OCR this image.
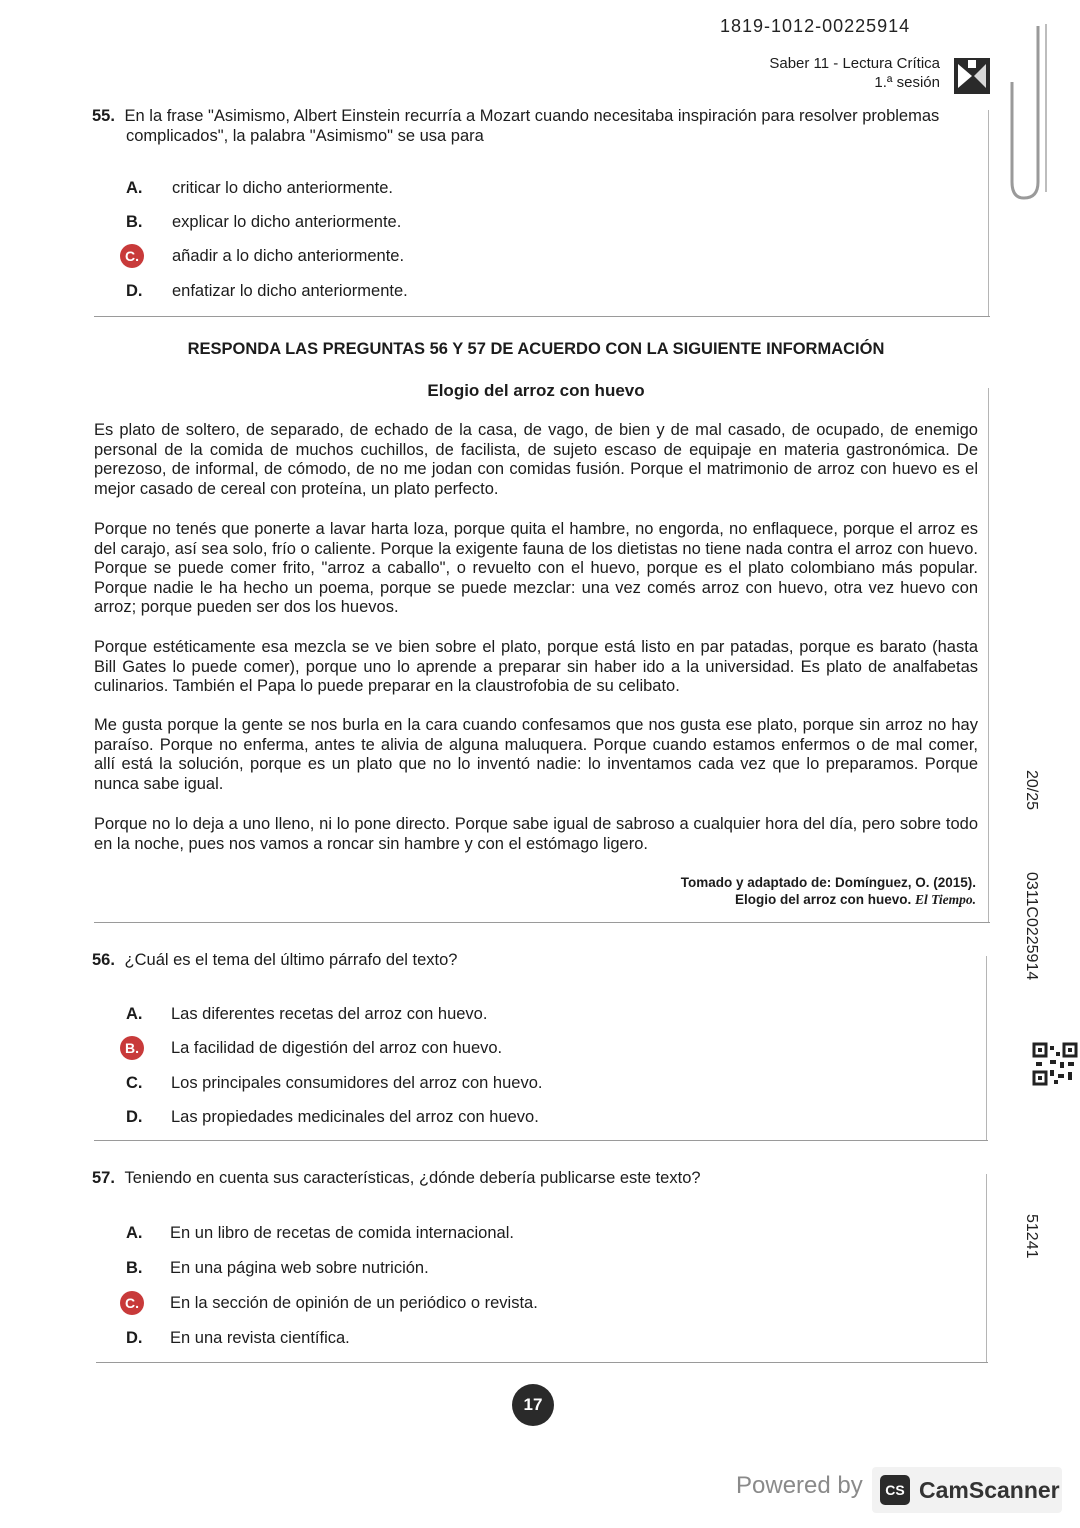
1819-1012-00225914
Saber 11 - Lectura Crítica
1.ª sesión
55. En la frase "Asimismo, Albert Einstein recurría a Mozart cuando necesitaba inspiración para resolver problemas
complicados", la palabra "Asimismo" se usa para
A.	criticar lo dicho anteriormente.
B.	explicar lo dicho anteriormente.
C.	añadir a lo dicho anteriormente.
D.	enfatizar lo dicho anteriormente.
RESPONDA LAS PREGUNTAS 56 Y 57 DE ACUERDO CON LA SIGUIENTE INFORMACIÓN
Elogio del arroz con huevo
Es plato de soltero, de separado, de echado de la casa, de vago, de bien y de mal casado, de ocupado, de enemigo personal de la comida de muchos cuchillos, de facilista, de sujeto escaso de equipaje en materia gastronómica. De perezoso, de informal, de cómodo, de no me jodan con comidas fusión. Porque el matrimonio de arroz con huevo es el mejor casado de cereal con proteína, un plato perfecto.
Porque no tenés que ponerte a lavar harta loza, porque quita el hambre, no engorda, no enflaquece, porque el arroz es del carajo, así sea solo, frío o caliente. Porque la exigente fauna de los dietistas no tiene nada contra el arroz con huevo. Porque se puede comer frito, "arroz a caballo", o revuelto con el huevo, porque es el plato colombiano más popular. Porque nadie le ha hecho un poema, porque se puede mezclar: una vez comés arroz con huevo, otra vez huevo con arroz; porque pueden ser dos los huevos.
Porque estéticamente esa mezcla se ve bien sobre el plato, porque está listo en par patadas, porque es barato (hasta Bill Gates lo puede comer), porque uno lo aprende a preparar sin haber ido a la universidad. Es plato de analfabetas culinarios. También el Papa lo puede preparar en la claustrofobia de su celibato.
Me gusta porque la gente se nos burla en la cara cuando confesamos que nos gusta ese plato, porque sin arroz no hay paraíso. Porque no enferma, antes te alivia de alguna maluquera. Porque cuando estamos enfermos o de mal comer, allí está la solución, porque es un plato que no lo inventó nadie: lo inventamos cada vez que lo preparamos. Porque nunca sabe igual.
Porque no lo deja a uno lleno, ni lo pone directo. Porque sabe igual de sabroso a cualquier hora del día, pero sobre todo en la noche, pues nos vamos a roncar sin hambre y con el estómago ligero.
Tomado y adaptado de: Domínguez, O. (2015).
Elogio del arroz con huevo. El Tiempo.
56. ¿Cuál es el tema del último párrafo del texto?
A.	Las diferentes recetas del arroz con huevo.
B.	La facilidad de digestión del arroz con huevo.
C.	Los principales consumidores del arroz con huevo.
D.	Las propiedades medicinales del arroz con huevo.
57. Teniendo en cuenta sus características, ¿dónde debería publicarse este texto?
A.	En un libro de recetas de comida internacional.
B.	En una página web sobre nutrición.
C.	En la sección de opinión de un periódico o revista.
D.	En una revista científica.
20/25
0311C0225914
51241
17
Powered by	CS CamScanner
